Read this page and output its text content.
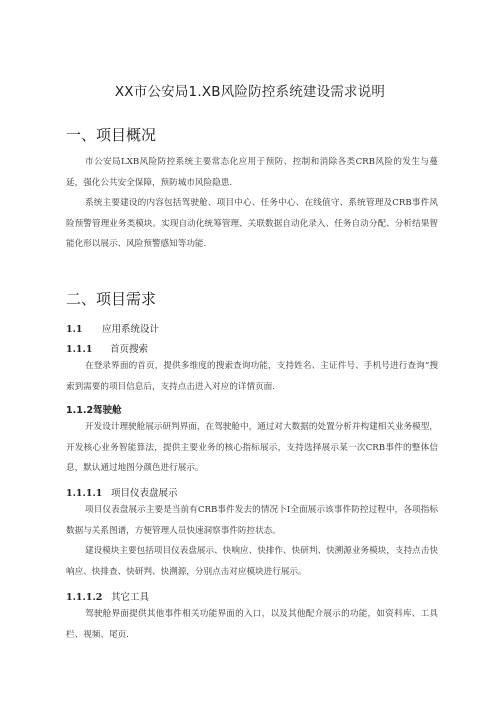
XX市公安局1.XB风险防控系统建设需求说明
一、项目概况

市公安局LXB风险防控系统主要常态化应用于预防、控制和消除各类CRB风险的发生与蔓延，强化公共安全保障，预防城市风险隐患.

系统主要建设的内容包括驾驶舱、项目中心、任务中心、在线值守、系统管理及CRB事件风险预警管理业务类模块。实现自动化统筹管理、关联数据自动化录入、任务自动分配、分析结果智能化形以展示、风险预警感知等功能.

二、项目需求
1.1 应用系统设计
1.1.1 首页搜索

在登录界面的首页，提供多维度的搜索查询功能，支持姓名、主证件号、手机号进行查询“搜索到需要的项目信息后，支持点击进入对应的详情页面.

1.1.2驾驶舱

开发设计理驶舱展示研判界面，在驾驶舱中，通过对大数据的处置分析并构建相关业务模型，开发核心业务智能算法，提供主要业务的核心指标展示，支持选择展示某一次CRB事件的整体信息，默认通过地图分颜色进行展示。

1.1.1.1 项目仪表盘展示

项目仪表盘展示主要是当前有CRB事件发去的情况卜I全面展示该事件防控过程中，各项指标数据与关系图谱，方便管理人员快速洞察事件防控状态。

建设模块主要包括项目仪表盘展示、快响应、快排作、快研判、快溯源业务模块，支持点击快响应、快排查、快研判、快溯源，分别点击对应模块进行展示。

1.1.1.2 其它工具

驾驶舱界面提供其他事件相关功能界面的入口，以及其他配介展示的功能，如资料库、工具栏、视频、尾页.
